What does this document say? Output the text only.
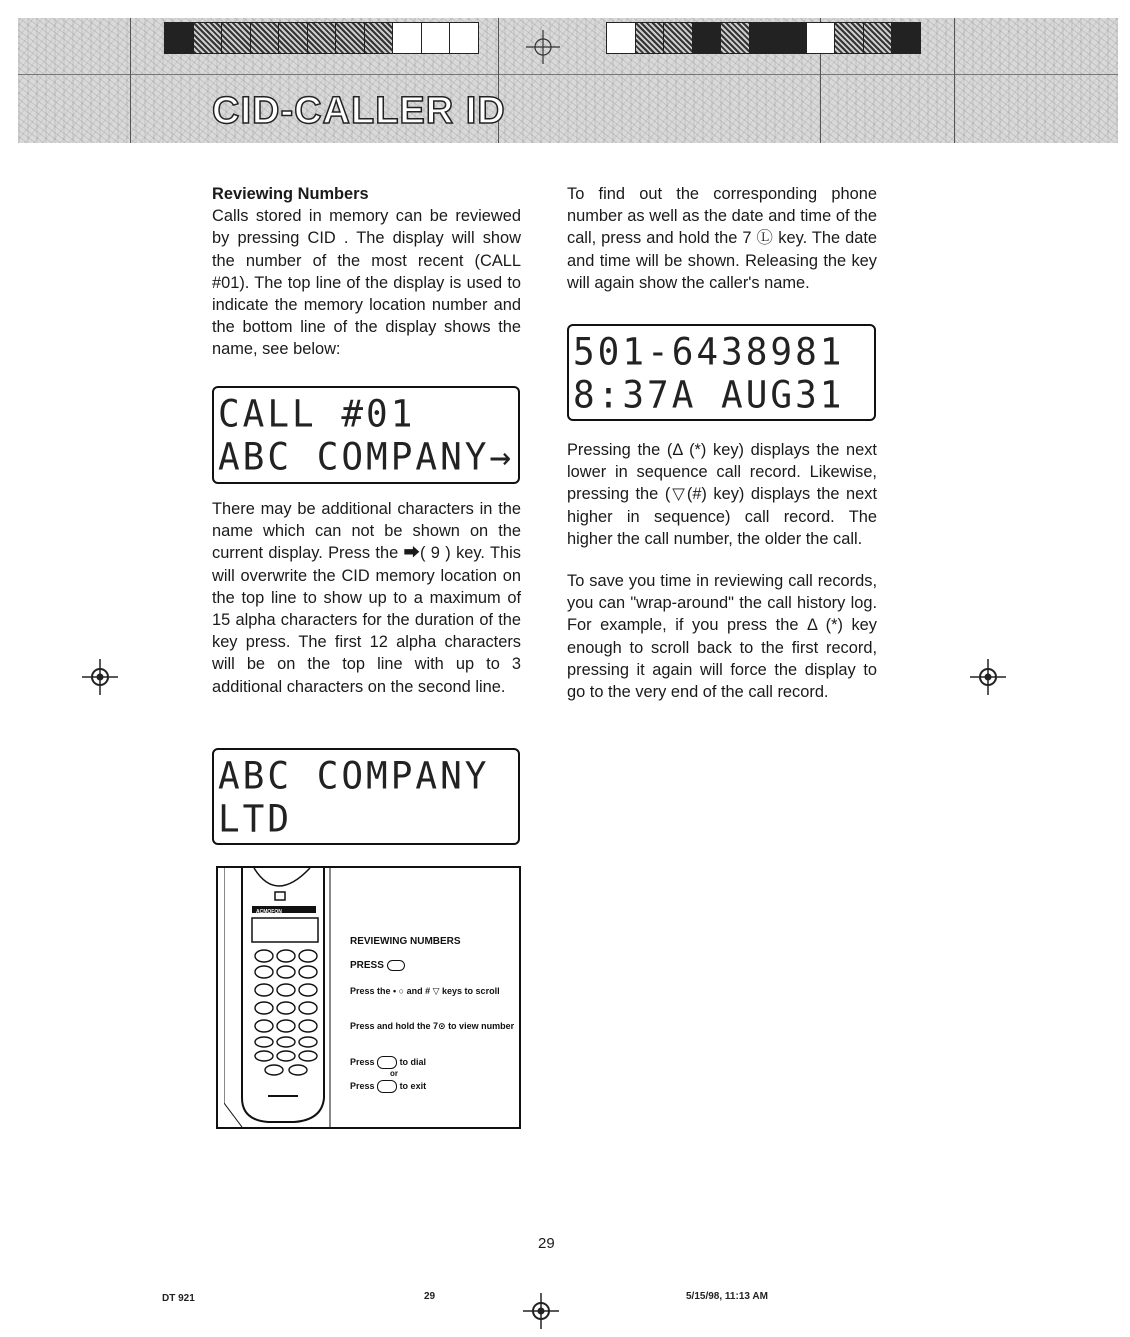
CID-CALLER ID

Reviewing Numbers

Calls stored in memory can be reviewed by pressing CID . The display will show the number of the most recent (CALL #01). The top line of the display is used to indicate the memory location number and the bottom line of the display shows the name, see below:

CALL #01
ABC COMPANY→

There may be additional characters in the name which can not be shown on the current display. Press the ⮕( 9 ) key. This will overwrite the CID memory location on the top line to show up to a maximum of 15 alpha characters for the duration of the key press. The first 12 alpha characters will be on the top line with up to 3 additional characters on the second line.

ABC COMPANY
LTD
ACMOFON
REVIEWING NUMBERS
PRESS
Press the • ○ and # ▽ keys to scroll
Press and hold the 7⊙ to view number
Press	to dial
or
Press	to exit

To find out the corresponding phone number as well as the date and time of the call, press and hold the 7 Ⓛ key. The date and time will be shown. Releasing the key will again show the caller's name.

501-6438981
8:37A AUG31

Pressing the (Δ (*) key) displays the next lower in sequence call record. Likewise, pressing the (▽(#) key) displays the next higher in sequence) call record. The higher the call number, the older the call.

To save you time in reviewing call records, you can "wrap-around" the call history log. For example, if you press the Δ (*) key enough to scroll back to the first record, pressing it again will force the display to go to the very end of the call record.

29
DT 921	29	5/15/98, 11:13 AM
